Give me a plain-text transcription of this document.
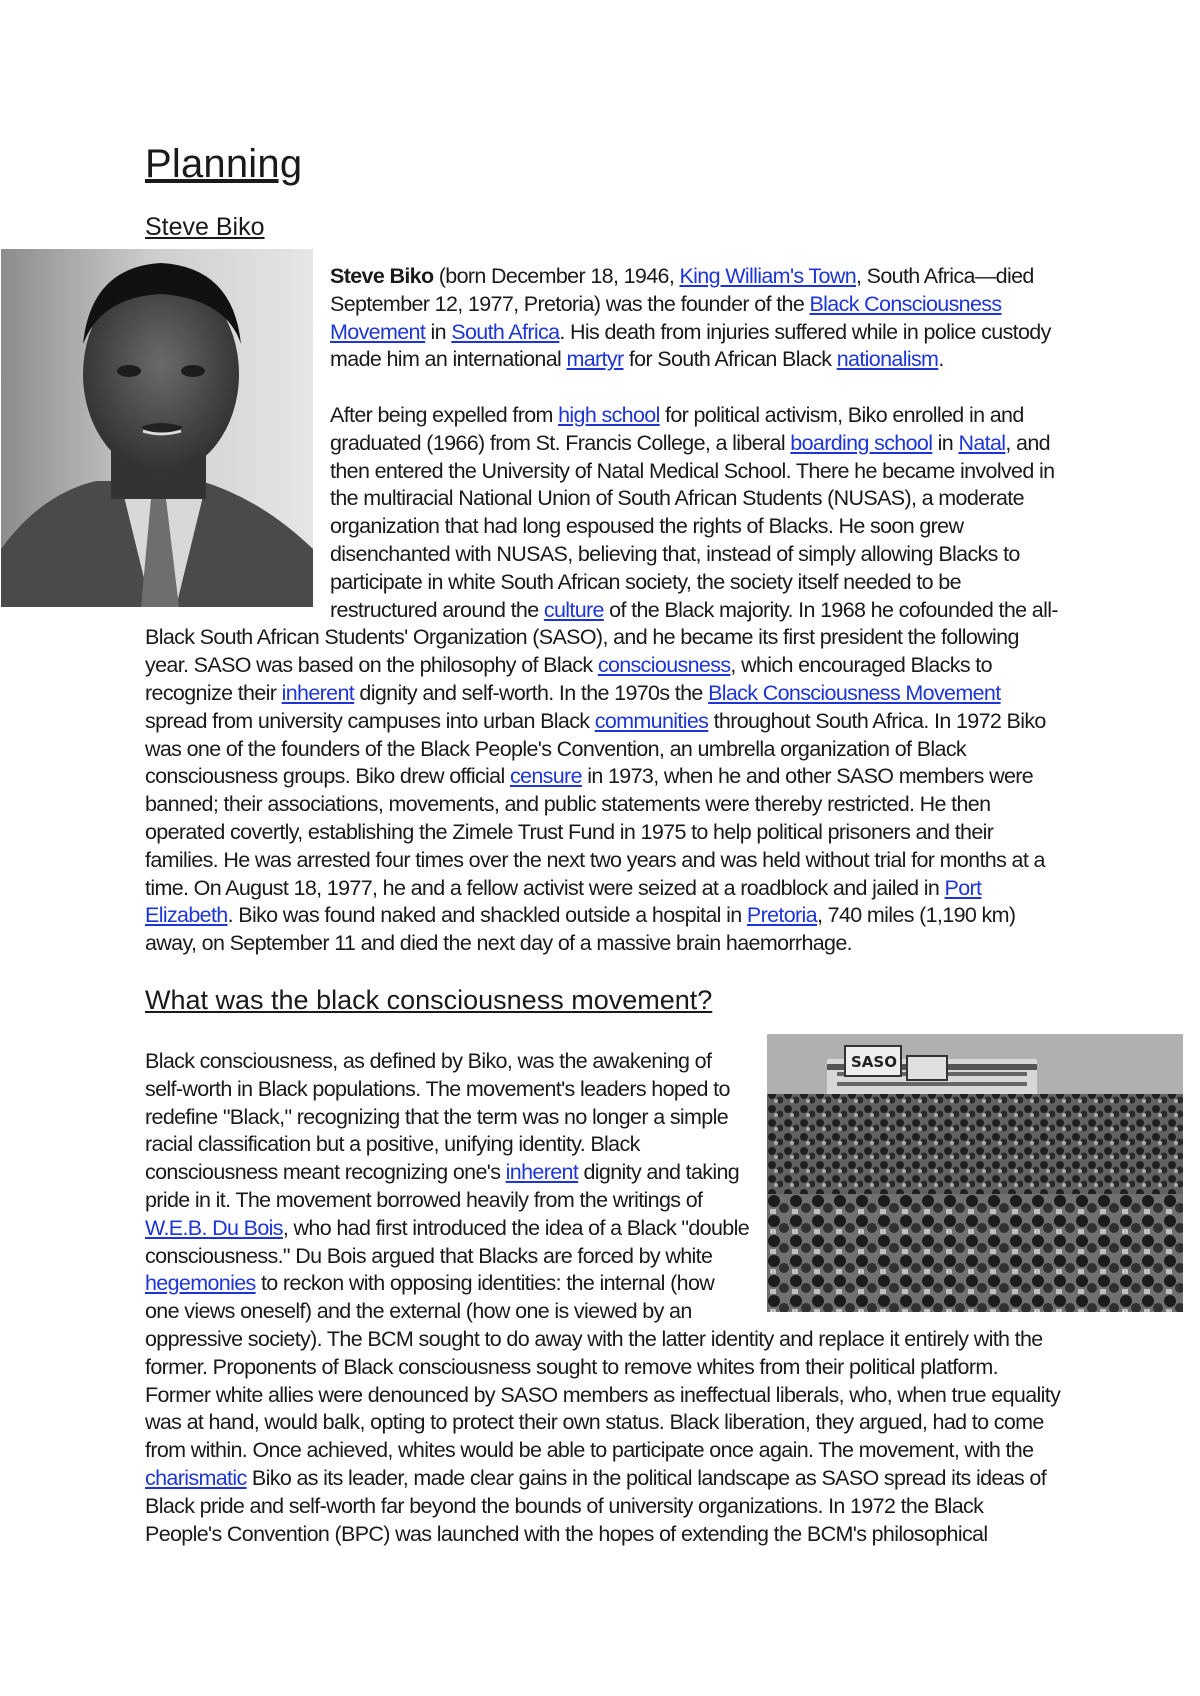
Planning
Steve Biko

Steve Biko (born December 18, 1946, King William's Town, South Africa—died September 12, 1977, Pretoria) was the founder of the Black Consciousness Movement in South Africa. His death from injuries suffered while in police custody made him an international martyr for South African Black nationalism.

After being expelled from high school for political activism, Biko enrolled in and graduated (1966) from St. Francis College, a liberal boarding school in Natal, and then entered the University of Natal Medical School. There he became involved in the multiracial National Union of South African Students (NUSAS), a moderate organization that had long espoused the rights of Blacks. He soon grew disenchanted with NUSAS, believing that, instead of simply allowing Blacks to participate in white South African society, the society itself needed to be restructured around the culture of the Black majority. In 1968 he cofounded the all-Black South African Students' Organization (SASO), and he became its first president the following year. SASO was based on the philosophy of Black consciousness, which encouraged Blacks to recognize their inherent dignity and self-worth. In the 1970s the Black Consciousness Movement spread from university campuses into urban Black communities throughout South Africa. In 1972 Biko was one of the founders of the Black People's Convention, an umbrella organization of Black consciousness groups. Biko drew official censure in 1973, when he and other SASO members were banned; their associations, movements, and public statements were thereby restricted. He then operated covertly, establishing the Zimele Trust Fund in 1975 to help political prisoners and their families. He was arrested four times over the next two years and was held without trial for months at a time. On August 18, 1977, he and a fellow activist were seized at a roadblock and jailed in Port Elizabeth. Biko was found naked and shackled outside a hospital in Pretoria, 740 miles (1,190 km) away, on September 11 and died the next day of a massive brain haemorrhage.

What was the black consciousness movement?
SASO

Black consciousness, as defined by Biko, was the awakening of self-worth in Black populations. The movement's leaders hoped to redefine "Black," recognizing that the term was no longer a simple racial classification but a positive, unifying identity. Black consciousness meant recognizing one's inherent dignity and taking pride in it. The movement borrowed heavily from the writings of W.E.B. Du Bois, who had first introduced the idea of a Black "double consciousness." Du Bois argued that Blacks are forced by white hegemonies to reckon with opposing identities: the internal (how one views oneself) and the external (how one is viewed by an oppressive society). The BCM sought to do away with the latter identity and replace it entirely with the former. Proponents of Black consciousness sought to remove whites from their political platform. Former white allies were denounced by SASO members as ineffectual liberals, who, when true equality was at hand, would balk, opting to protect their own status. Black liberation, they argued, had to come from within. Once achieved, whites would be able to participate once again. The movement, with the charismatic Biko as its leader, made clear gains in the political landscape as SASO spread its ideas of Black pride and self-worth far beyond the bounds of university organizations. In 1972 the Black People's Convention (BPC) was launched with the hopes of extending the BCM's philosophical
